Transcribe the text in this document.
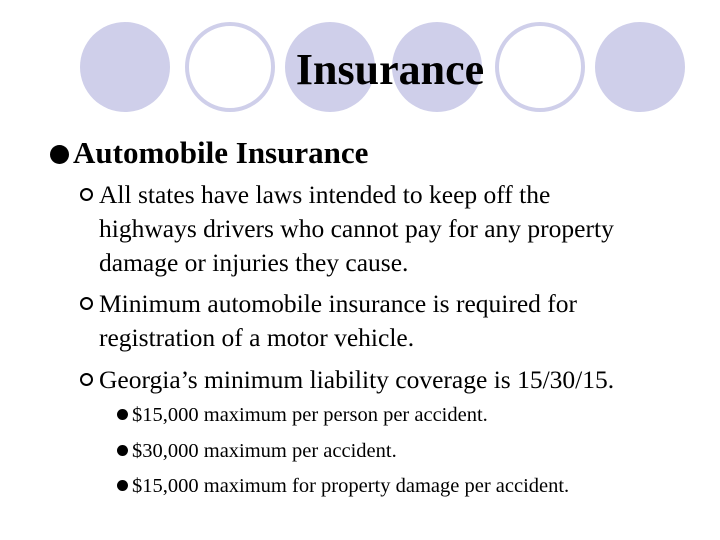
Insurance
Automobile Insurance
All states have laws intended to keep off the
highways drivers who cannot pay for any property
damage or injuries they cause.
Minimum automobile insurance is required for
registration of a motor vehicle.
Georgia’s minimum liability coverage is 15/30/15.
$15,000 maximum per person per accident.
$30,000 maximum per accident.
$15,000 maximum for property damage per accident.
